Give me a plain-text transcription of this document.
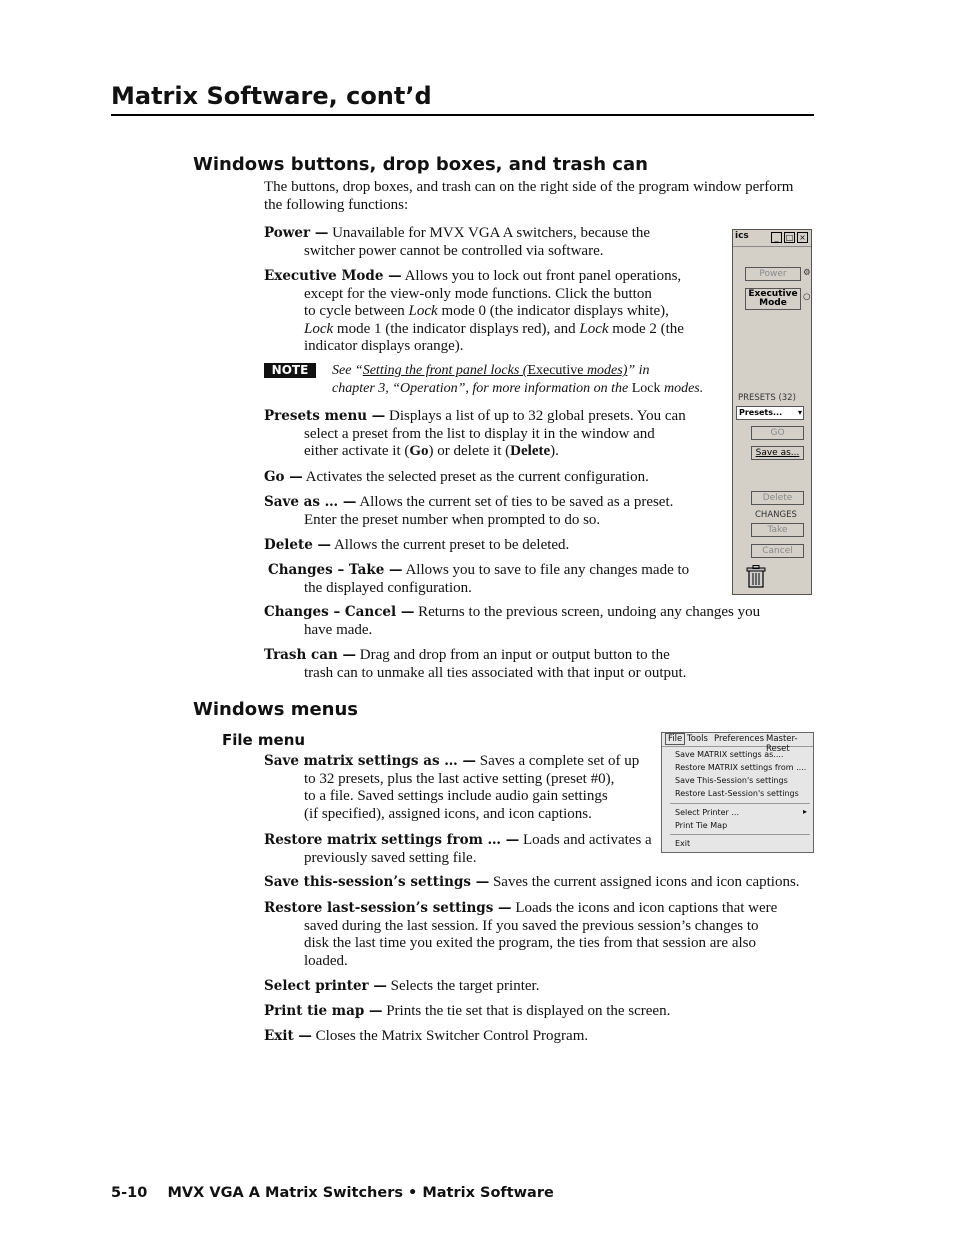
Matrix Software, cont’d
Windows buttons, drop boxes, and trash can
The buttons, drop boxes, and trash can on the right side of the program window perform the following functions:
Power — Unavailable for MVX VGA A switchers, because the
switcher power cannot be controlled via software.
Executive Mode — Allows you to lock out front panel operations,
except for the view-only mode functions. Click the button
to cycle between Lock mode 0 (the indicator displays white),
Lock mode 1 (the indicator displays red), and Lock mode 2 (the
indicator displays orange).
NOTE	See “Setting the front panel locks (Executive modes)” in
chapter 3, “Operation”, for more information on the Lock modes.
Presets menu — Displays a list of up to 32 global presets. You can
select a preset from the list to display it in the window and
either activate it (Go) or delete it (Delete).
Go — Activates the selected preset as the current configuration.
Save as … — Allows the current set of ties to be saved as a preset.
Enter the preset number when prompted to do so.
Delete — Allows the current preset to be deleted.
Changes – Take — Allows you to save to file any changes made to
the displayed configuration.
Changes – Cancel — Returns to the previous screen, undoing any changes you
have made.
Trash can — Drag and drop from an input or output button to the
trash can to unmake all ties associated with that input or output.
ics	_ □ ×
Power	⚙
Executive
Mode
○
PRESETS (32)
Presets... ▾
GO
Save as...
Delete
CHANGES
Take
Cancel
Windows menus
File menu
Save matrix settings as … — Saves a complete set of up
to 32 presets, plus the last active setting (preset #0),
to a file. Saved settings include audio gain settings
(if specified), assigned icons, and icon captions.
Restore matrix settings from … — Loads and activates a
previously saved setting file.
Save this-session’s settings — Saves the current assigned icons and icon captions.
Restore last-session’s settings — Loads the icons and icon captions that were
saved during the last session. If you saved the previous session’s changes to
disk the last time you exited the program, the ties from that session are also
loaded.
Select printer — Selects the target printer.
Print tie map — Prints the tie set that is displayed on the screen.
Exit — Closes the Matrix Switcher Control Program.
File Tools Preferences Master-Reset
Save MATRIX settings as....
Restore MATRIX settings from ....
Save This-Session's settings
Restore Last-Session's settings
Select Printer ...	▸
Print Tie Map
Exit
5-10 MVX VGA A Matrix Switchers • Matrix Software
